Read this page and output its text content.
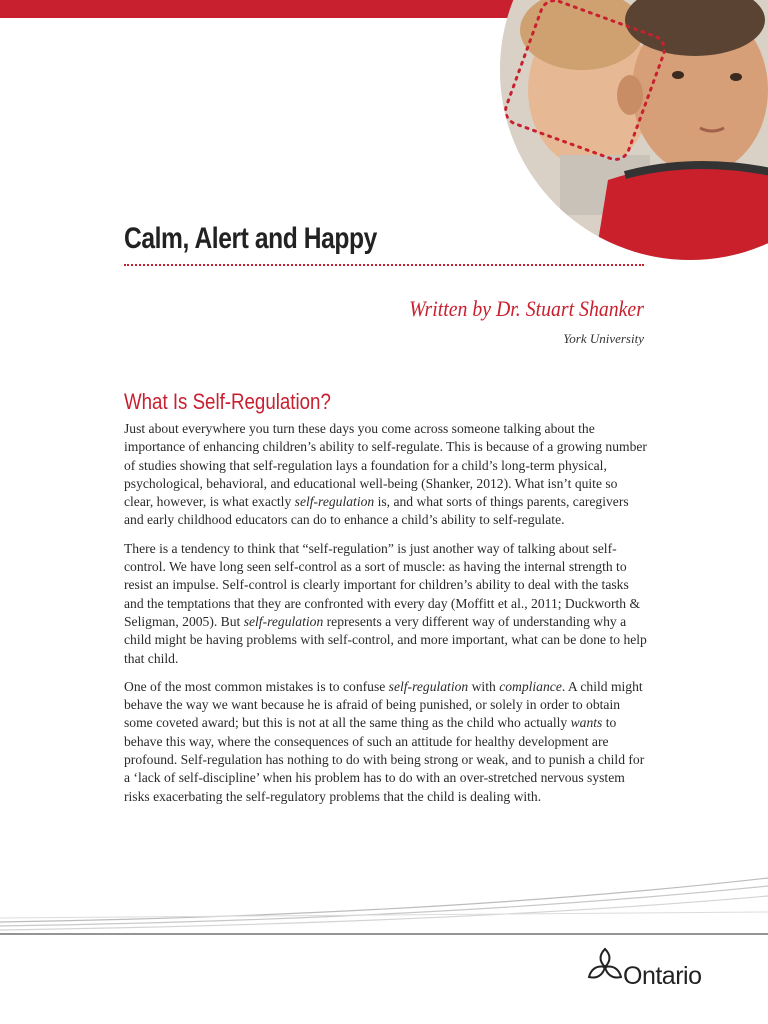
Calm, Alert and Happy
Written by Dr. Stuart Shanker
York University
What Is Self-Regulation?

Just about everywhere you turn these days you come across someone talking about the importance of enhancing children’s ability to self-regulate. This is because of a growing number of studies showing that self-regulation lays a foundation for a child’s long-term physical, psychological, behavioral, and educational well-being (Shanker, 2012). What isn’t quite so clear, however, is what exactly self-regulation is, and what sorts of things parents, caregivers and early childhood educators can do to enhance a child’s ability to self-regulate.

There is a tendency to think that “self-regulation” is just another way of talking about self-control. We have long seen self-control as a sort of muscle: as having the internal strength to resist an impulse. Self-control is clearly important for children’s ability to deal with the tasks and the temptations that they are confronted with every day (Moffitt et al., 2011; Duckworth & Seligman, 2005). But self-regulation represents a very different way of understanding why a child might be having problems with self-control, and more important, what can be done to help that child.

One of the most common mistakes is to confuse self-regulation with compliance. A child might behave the way we want because he is afraid of being punished, or solely in order to obtain some coveted award; but this is not at all the same thing as the child who actually wants to behave this way, where the consequences of such an attitude for healthy development are profound. Self-regulation has nothing to do with being strong or weak, and to punish a child for a ‘lack of self-discipline’ when his problem has to do with an over-stretched nervous system risks exacerbating the self-regulatory problems that the child is dealing with.

Ontario
